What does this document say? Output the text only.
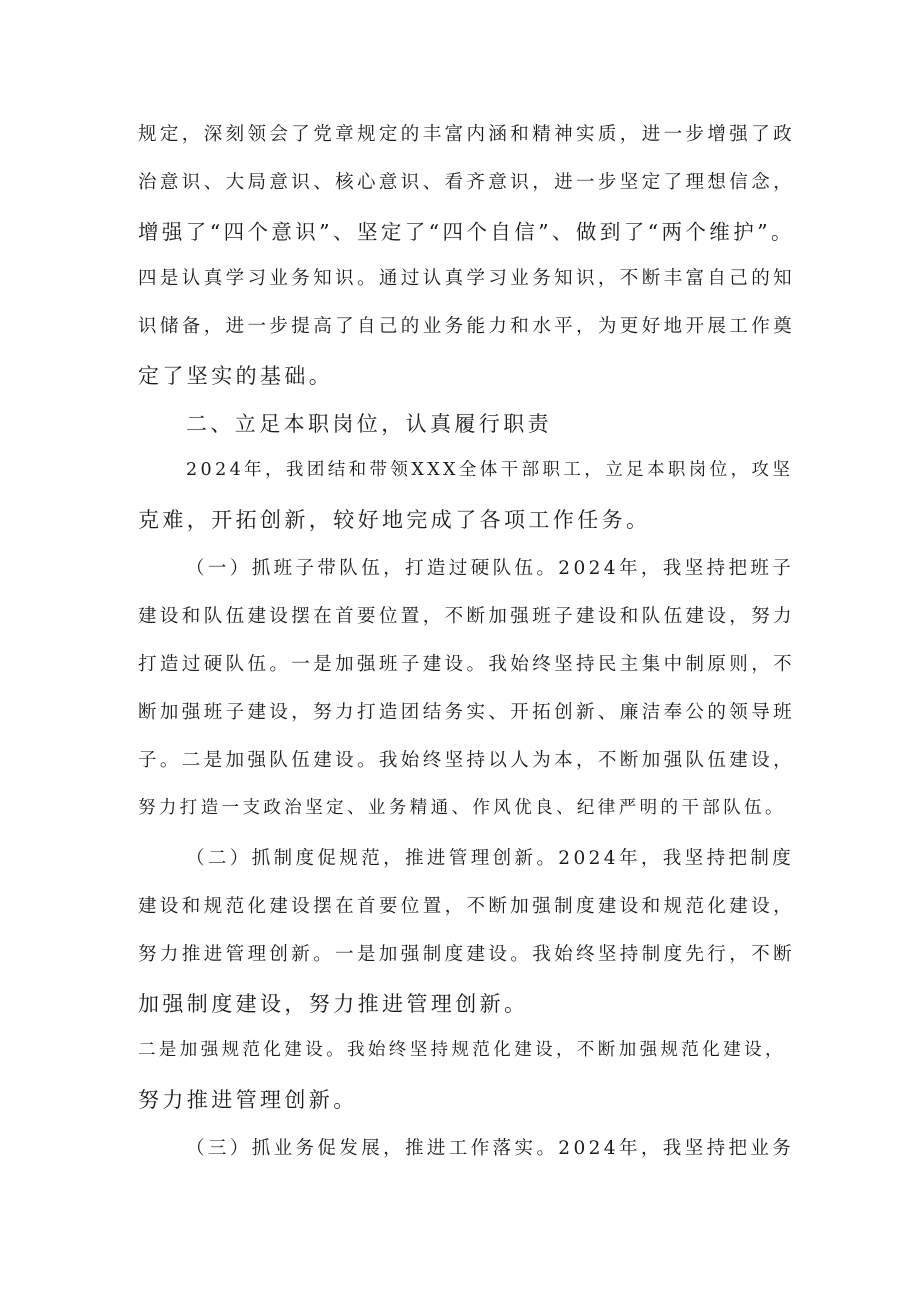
规定，深刻领会了党章规定的丰富内涵和精神实质，进一步增强了政
治意识、大局意识、核心意识、看齐意识，进一步坚定了理想信念，
增强了“四个意识”、坚定了“四个自信”、做到了“两个维护”。
四是认真学习业务知识。通过认真学习业务知识，不断丰富自己的知
识储备，进一步提高了自己的业务能力和水平，为更好地开展工作奠
定了坚实的基础。
二、立足本职岗位，认真履行职责
2024年，我团结和带领XXX全体干部职工，立足本职岗位，攻坚
克难，开拓创新，较好地完成了各项工作任务。
（一）抓班子带队伍，打造过硬队伍。2024年，我坚持把班子
建设和队伍建设摆在首要位置，不断加强班子建设和队伍建设，努力
打造过硬队伍。一是加强班子建设。我始终坚持民主集中制原则，不
断加强班子建设，努力打造团结务实、开拓创新、廉洁奉公的领导班
子。二是加强队伍建设。我始终坚持以人为本，不断加强队伍建设，
努力打造一支政治坚定、业务精通、作风优良、纪律严明的干部队伍。
（二）抓制度促规范，推进管理创新。2024年，我坚持把制度
建设和规范化建设摆在首要位置，不断加强制度建设和规范化建设，
努力推进管理创新。一是加强制度建设。我始终坚持制度先行，不断
加强制度建设，努力推进管理创新。
二是加强规范化建设。我始终坚持规范化建设，不断加强规范化建设，
努力推进管理创新。
（三）抓业务促发展，推进工作落实。2024年，我坚持把业务
